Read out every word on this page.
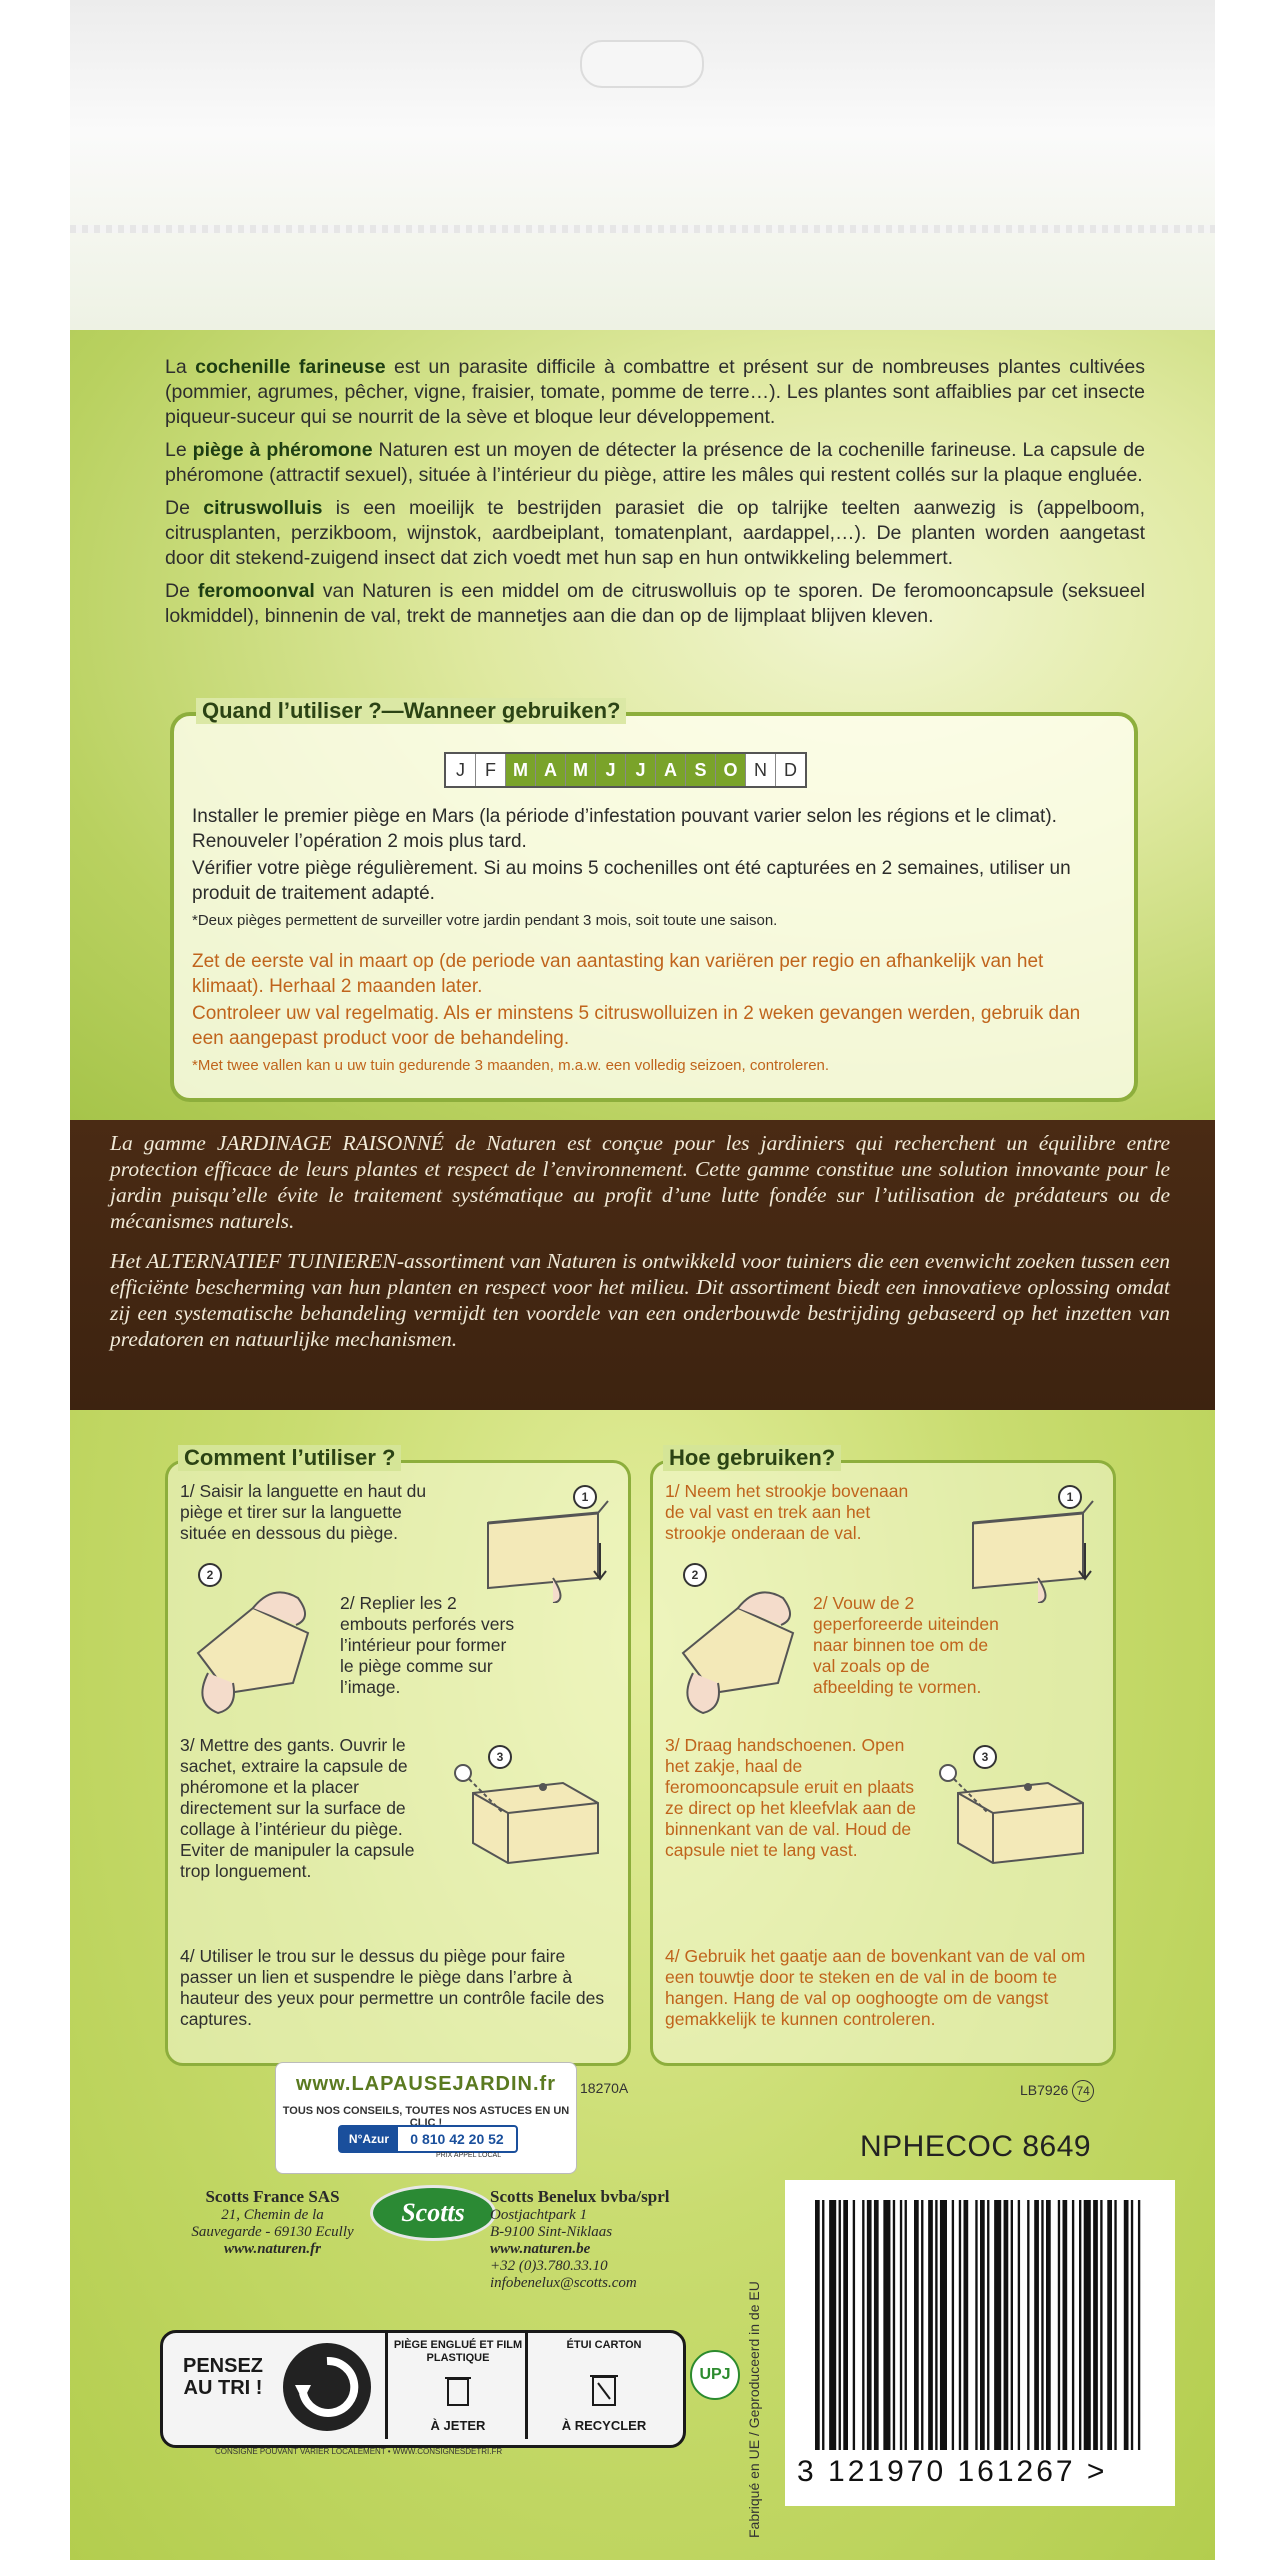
La cochenille farineuse est un parasite difficile à combattre et présent sur de nombreuses plantes cultivées (pommier, agrumes, pêcher, vigne, fraisier, tomate, pomme de terre…). Les plantes sont affaiblies par cet insecte piqueur-suceur qui se nourrit de la sève et bloque leur développement.

Le piège à phéromone Naturen est un moyen de détecter la présence de la cochenille farineuse. La capsule de phéromone (attractif sexuel), située à l’intérieur du piège, attire les mâles qui restent collés sur la plaque engluée.

De citruswolluis is een moeilijk te bestrijden parasiet die op talrijke teelten aanwezig is (appelboom, citrusplanten, perzikboom, wijnstok, aardbeiplant, tomatenplant, aardappel,…). De planten worden aangetast door dit stekend-zuigend insect dat zich voedt met hun sap en hun ontwikkeling belemmert.

De feromoonval van Naturen is een middel om de citruswolluis op te sporen. De feromooncapsule (seksueel lokmiddel), binnenin de val, trekt de mannetjes aan die dan op de lijmplaat blijven kleven.

Quand l’utiliser ?—Wanneer gebruiken?
J	F M A M J	J	A S O N D

Installer le premier piège en Mars (la période d’infestation pouvant varier selon les régions et le climat). Renouveler l’opération 2 mois plus tard.

Vérifier votre piège régulièrement. Si au moins 5 cochenilles ont été capturées en 2 semaines, utiliser un produit de traitement adapté.

*Deux pièges permettent de surveiller votre jardin pendant 3 mois, soit toute une saison.

Zet de eerste val in maart op (de periode van aantasting kan variëren per regio en afhankelijk van het klimaat). Herhaal 2 maanden later.

Controleer uw val regelmatig. Als er minstens 5 citruswolluizen in 2 weken gevangen werden, gebruik dan een aangepast product voor de behandeling.

*Met twee vallen kan u uw tuin gedurende 3 maanden, m.a.w. een volledig seizoen, controleren.

La gamme JARDINAGE RAISONNÉ de Naturen est conçue pour les jardiniers qui recherchent un équilibre entre protection efficace de leurs plantes et respect de l’environnement. Cette gamme constitue une solution innovante pour le jardin puisqu’elle évite le traitement systématique au profit d’une lutte fondée sur l’utilisation de prédateurs ou de mécanismes naturels.

Het ALTERNATIEF TUINIEREN-assortiment van Naturen is ontwikkeld voor tuiniers die een evenwicht zoeken tussen een efficiënte bescherming van hun planten en respect voor het milieu. Dit assortiment biedt een innovatieve oplossing omdat zij een systematische behandeling vermijdt ten voordele van een onderbouwde bestrijding gebaseerd op het inzetten van predatoren en natuurlijke mechanismen.

Comment l’utiliser ?
1/ Saisir la languette en haut du piège et tirer sur la languette située en dessous du piège.
1
2
2/ Replier les 2 embouts perforés vers l’intérieur pour former le piège comme sur l’image.
3/ Mettre des gants. Ouvrir le sachet, extraire la capsule de phéromone et la placer directement sur la surface de collage à l’intérieur du piège. Eviter de manipuler la capsule trop longuement.
3
4/ Utiliser le trou sur le dessus du piège pour faire passer un lien et suspendre le piège dans l’arbre à hauteur des yeux pour permettre un contrôle facile des captures.
Hoe gebruiken?
1/ Neem het strookje bovenaan de val vast en trek aan het strookje onderaan de val.
1
2
2/ Vouw de 2 geperforeerde uiteinden naar binnen toe om de val zoals op de afbeelding te vormen.
3/ Draag handschoenen. Open het zakje, haal de feromooncapsule eruit en plaats ze direct op het kleefvlak aan de binnenkant van de val. Houd de capsule niet te lang vast.
3
4/ Gebruik het gaatje aan de bovenkant van de val om een touwtje door te steken en de val in de boom te hangen. Hang de val op ooghoogte om de vangst gemakkelijk te kunnen controleren.
18270A	LB7926 74
www.LAPAUSEJARDIN.fr
TOUS NOS CONSEILS, TOUTES NOS ASTUCES EN UN CLIC !
N°Azur	0 810 42 20 52
PRIX APPEL LOCAL
Scotts France SAS
21, Chemin de la
Sauvegarde - 69130 Ecully
www.naturen.fr
Scotts
Scotts Benelux bvba/sprl
Oostjachtpark 1
B-9100 Sint-Niklaas
www.naturen.be
+32 (0)3.780.33.10
infobenelux@scotts.com
PENSEZ AU TRI !
PIÈGE ENGLUÉ ET FILM PLASTIQUE
À JETER
ÉTUI CARTON
À RECYCLER
CONSIGNE POUVANT VARIER LOCALEMENT • WWW.CONSIGNESDETRI.FR
UPJ	Fabriqué en UE / Geproduceerd in de EU
NPHECOC 8649
3 121970 161267 >
